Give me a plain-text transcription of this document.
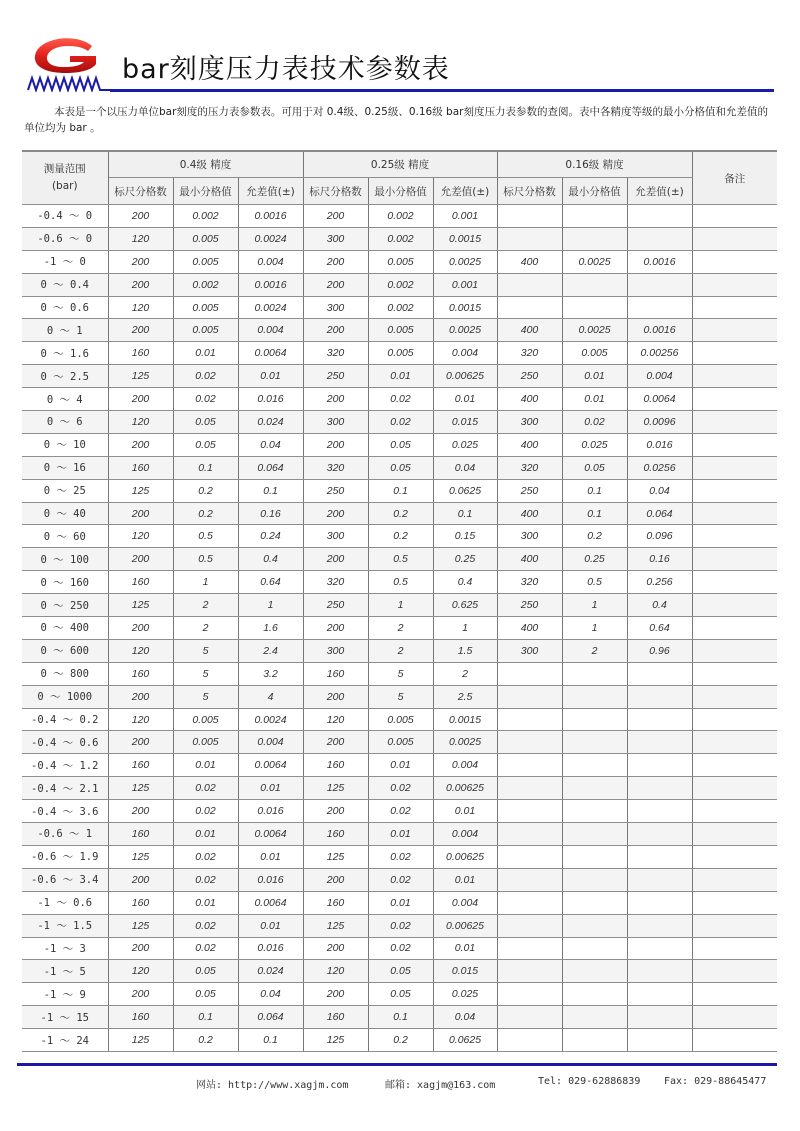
bar刻度压力表技术参数表
本表是一个以压力单位bar刻度的压力表参数表。可用于对 0.4级、0.25级、0.16级 bar刻度压力表参数的查阅。表中各精度等级的最小分格值和允差值的单位均为 bar 。
测量范围
(bar)	0.4级 精度			0.25级 精度			0.16级 精度			备注
	标尺分格数	最小分格值	允差值(±)	标尺分格数	最小分格值	允差值(±)	标尺分格数	最小分格值	允差值(±)	
-0.4 ～ 0	200	0.002	0.0016	200	0.002	0.001				
-0.6 ～ 0	120	0.005	0.0024	300	0.002	0.0015				
-1 ～ 0	200	0.005	0.004	200	0.005	0.0025	400	0.0025	0.0016	
0 ～ 0.4	200	0.002	0.0016	200	0.002	0.001				
0 ～ 0.6	120	0.005	0.0024	300	0.002	0.0015				
0 ～ 1	200	0.005	0.004	200	0.005	0.0025	400	0.0025	0.0016	
0 ～ 1.6	160	0.01	0.0064	320	0.005	0.004	320	0.005	0.00256	
0 ～ 2.5	125	0.02	0.01	250	0.01	0.00625	250	0.01	0.004	
0 ～ 4	200	0.02	0.016	200	0.02	0.01	400	0.01	0.0064	
0 ～ 6	120	0.05	0.024	300	0.02	0.015	300	0.02	0.0096	
0 ～ 10	200	0.05	0.04	200	0.05	0.025	400	0.025	0.016	
0 ～ 16	160	0.1	0.064	320	0.05	0.04	320	0.05	0.0256	
0 ～ 25	125	0.2	0.1	250	0.1	0.0625	250	0.1	0.04	
0 ～ 40	200	0.2	0.16	200	0.2	0.1	400	0.1	0.064	
0 ～ 60	120	0.5	0.24	300	0.2	0.15	300	0.2	0.096	
0 ～ 100	200	0.5	0.4	200	0.5	0.25	400	0.25	0.16	
0 ～ 160	160	1	0.64	320	0.5	0.4	320	0.5	0.256	
0 ～ 250	125	2	1	250	1	0.625	250	1	0.4	
0 ～ 400	200	2	1.6	200	2	1	400	1	0.64	
0 ～ 600	120	5	2.4	300	2	1.5	300	2	0.96	
0 ～ 800	160	5	3.2	160	5	2				
0 ～ 1000	200	5	4	200	5	2.5				
-0.4 ～ 0.2	120	0.005	0.0024	120	0.005	0.0015				
-0.4 ～ 0.6	200	0.005	0.004	200	0.005	0.0025				
-0.4 ～ 1.2	160	0.01	0.0064	160	0.01	0.004				
-0.4 ～ 2.1	125	0.02	0.01	125	0.02	0.00625				
-0.4 ～ 3.6	200	0.02	0.016	200	0.02	0.01				
-0.6 ～ 1	160	0.01	0.0064	160	0.01	0.004				
-0.6 ～ 1.9	125	0.02	0.01	125	0.02	0.00625				
-0.6 ～ 3.4	200	0.02	0.016	200	0.02	0.01				
-1 ～ 0.6	160	0.01	0.0064	160	0.01	0.004				
-1 ～ 1.5	125	0.02	0.01	125	0.02	0.00625				
-1 ～ 3	200	0.02	0.016	200	0.02	0.01				
-1 ～ 5	120	0.05	0.024	120	0.05	0.015				
-1 ～ 9	200	0.05	0.04	200	0.05	0.025				
-1 ～ 15	160	0.1	0.064	160	0.1	0.04				
-1 ～ 24	125	0.2	0.1	125	0.2	0.0625				
网站: http://www.xagjm.com	邮箱: xagjm@163.com	Tel: 029-62886839 Fax: 029-88645477
